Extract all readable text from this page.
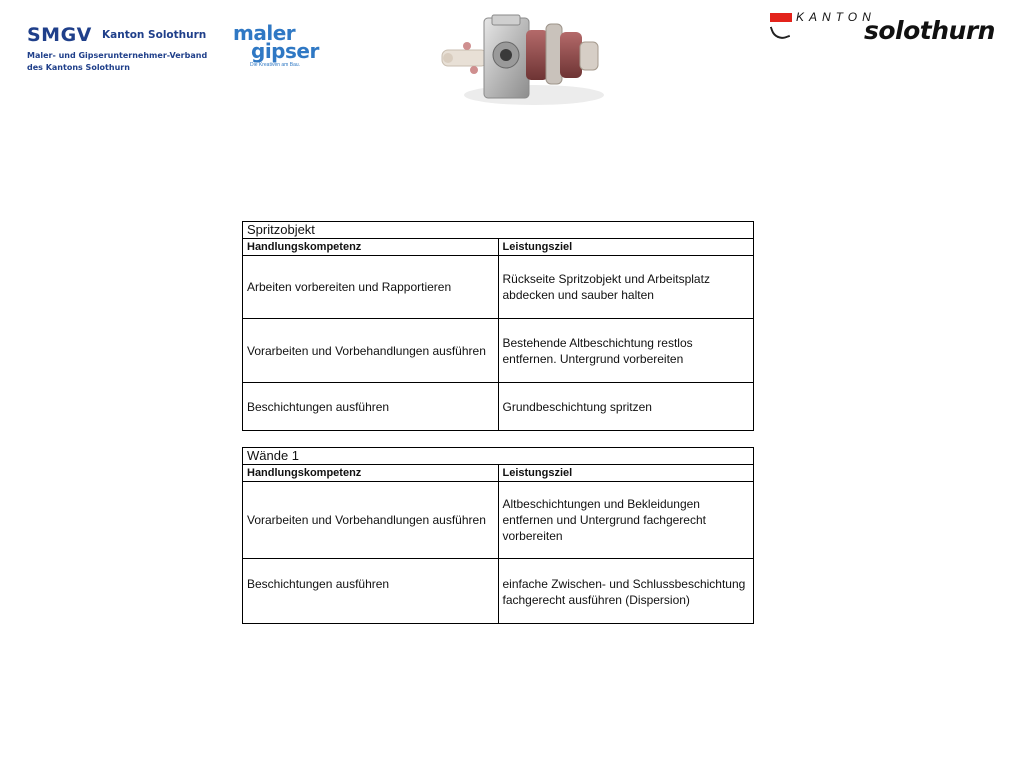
SMGV Kanton Solothurn
Maler- und Gipserunternehmer-Verband
des Kantons Solothurn
maler
gipser
Die Kreativen am Bau.
KANTON
solothurn
Spritzobjekt	
Handlungskompetenz	Leistungsziel
Arbeiten vorbereiten und Rapportieren	Rückseite Spritzobjekt und Arbeitsplatz abdecken und sauber halten
Vorarbeiten und Vorbehandlungen ausführen	Bestehende Altbeschichtung restlos entfernen. Untergrund vorbereiten
Beschichtungen ausführen	Grundbeschichtung spritzen
Wände 1	
Handlungskompetenz	Leistungsziel
Vorarbeiten und Vorbehandlungen ausführen	Altbeschichtungen und Bekleidungen entfernen und Untergrund fachgerecht vorbereiten
Beschichtungen ausführen	einfache Zwischen- und Schlussbeschichtung fachgerecht ausführen (Dispersion)
